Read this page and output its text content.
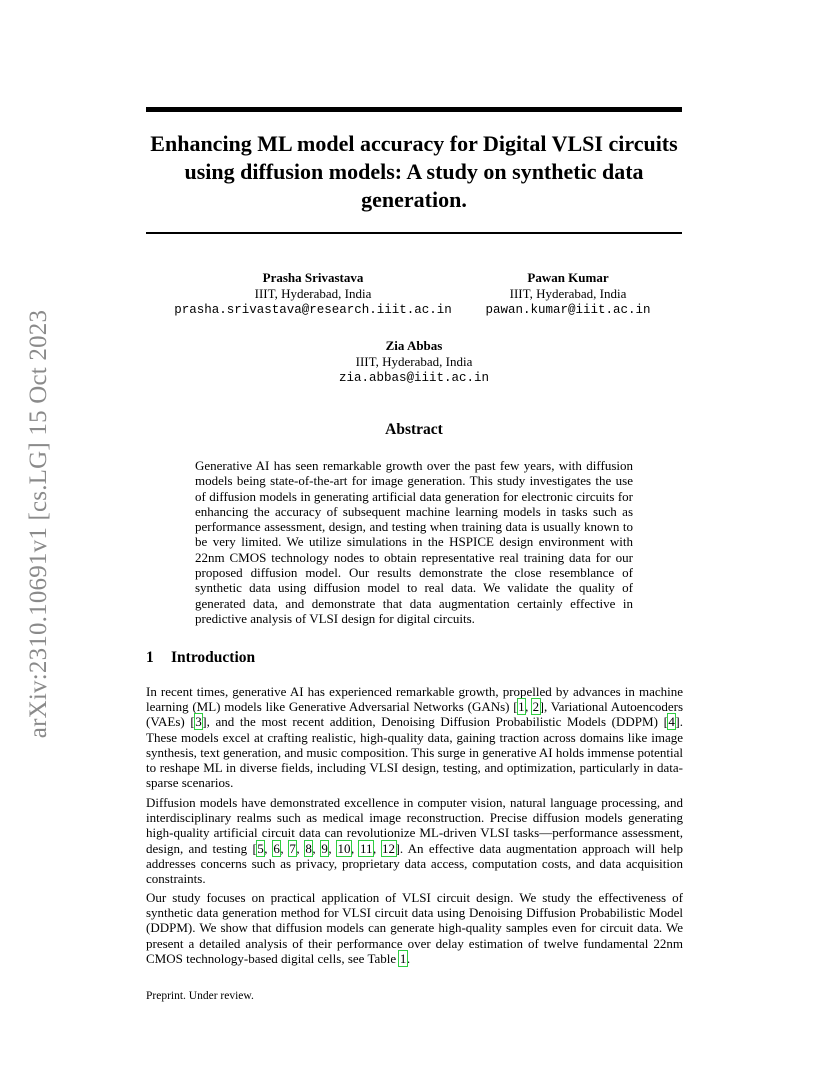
arXiv:2310.10691v1 [cs.LG] 15 Oct 2023
Enhancing ML model accuracy for Digital VLSI circuits using diffusion models: A study on synthetic data generation.
Prasha Srivastava
IIIT, Hyderabad, India
prasha.srivastava@research.iiit.ac.in
Pawan Kumar
IIIT, Hyderabad, India
pawan.kumar@iiit.ac.in
Zia Abbas
IIIT, Hyderabad, India
zia.abbas@iiit.ac.in
Abstract

Generative AI has seen remarkable growth over the past few years, with diffusion models being state-of-the-art for image generation. This study investigates the use of diffusion models in generating artificial data generation for electronic circuits for enhancing the accuracy of subsequent machine learning models in tasks such as performance assessment, design, and testing when training data is usually known to be very limited. We utilize simulations in the HSPICE design environment with 22nm CMOS technology nodes to obtain representative real training data for our proposed diffusion model. Our results demonstrate the close resemblance of synthetic data using diffusion model to real data. We validate the quality of generated data, and demonstrate that data augmentation certainly effective in predictive analysis of VLSI design for digital circuits.

1 Introduction

In recent times, generative AI has experienced remarkable growth, propelled by advances in machine learning (ML) models like Generative Adversarial Networks (GANs) [1, 2], Variational Autoencoders (VAEs) [3], and the most recent addition, Denoising Diffusion Probabilistic Models (DDPM) [4]. These models excel at crafting realistic, high-quality data, gaining traction across domains like image synthesis, text generation, and music composition. This surge in generative AI holds immense potential to reshape ML in diverse fields, including VLSI design, testing, and optimization, particularly in data-sparse scenarios.

Diffusion models have demonstrated excellence in computer vision, natural language processing, and interdisciplinary realms such as medical image reconstruction. Precise diffusion models generating high-quality artificial circuit data can revolutionize ML-driven VLSI tasks—performance assessment, design, and testing [5, 6, 7, 8, 9, 10, 11, 12]. An effective data augmentation approach will help addresses concerns such as privacy, proprietary data access, computation costs, and data acquisition constraints.

Our study focuses on practical application of VLSI circuit design. We study the effectiveness of synthetic data generation method for VLSI circuit data using Denoising Diffusion Probabilistic Model (DDPM). We show that diffusion models can generate high-quality samples even for circuit data. We present a detailed analysis of their performance over delay estimation of twelve fundamental 22nm CMOS technology-based digital cells, see Table 1.

Preprint. Under review.
